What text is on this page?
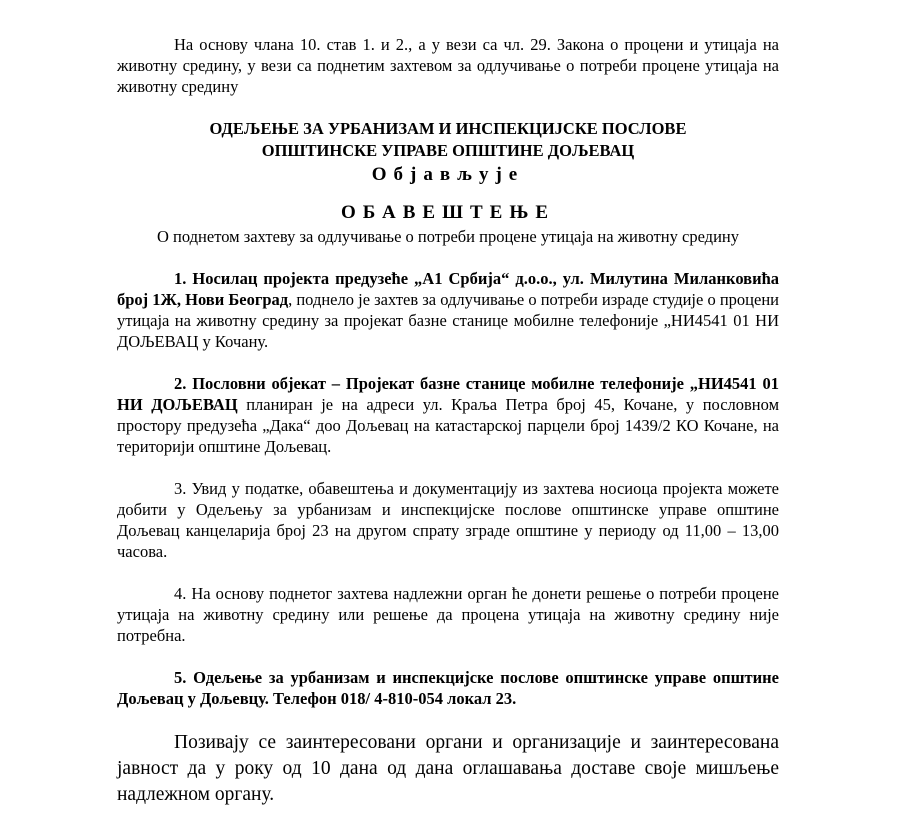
На основу члана 10. став 1. и 2., а у вези са чл. 29. Закона о процени и утицаја на животну средину, у вези са поднетим захтевом за одлучивање о потреби процене утицаја на животну средину

ОДЕЉЕЊЕ ЗА УРБАНИЗАМ И ИНСПЕКЦИЈСКЕ ПОСЛОВЕ

ОПШТИНСКЕ УПРАВЕ ОПШТИНЕ ДОЉЕВАЦ

Објављује

ОБАВЕШТЕЊЕ

О поднетом захтеву за одлучивање о потреби процене утицаја на животну средину

1. Носилац пројекта предузеће „А1 Србија“ д.о.о., ул. Милутина Миланковића број 1Ж, Нови Београд, поднело је захтев за одлучивање о потреби израде студије о процени утицаја на животну средину за пројекат базне станице мобилне телефоније „НИ4541 01 НИ ДОЉЕВАЦ у Кочану.

2. Пословни објекат – Пројекат базне станице мобилне телефоније „НИ4541 01 НИ ДОЉЕВАЦ планиран је на адреси ул. Краља Петра број 45, Кочане, у пословном простору предузећа „Дака“ доо Дољевац на катастарској парцели број 1439/2 КО Кочане, на територији општине Дољевац.

3. Увид у податке, обавештења и документацију из захтева носиоца пројекта можете добити у Одељењу за урбанизам и инспекцијске послове општинске управе општине Дољевац канцеларија број 23 на другом спрату зграде општине у периоду од 11,00 – 13,00 часова.

4. На основу поднетог захтева надлежни орган ће донети решење о потреби процене утицаја на животну средину или решење да процена утицаја на животну средину није потребна.

5. Одељење за урбанизам и инспекцијске послове општинске управе општине Дољевац у Дољевцу. Телефон 018/ 4-810-054 локал 23.

Позивају се заинтересовани органи и организације и заинтересована јавност да у року од 10 дана од дана оглашавања доставе своје мишљење надлежном органу.
